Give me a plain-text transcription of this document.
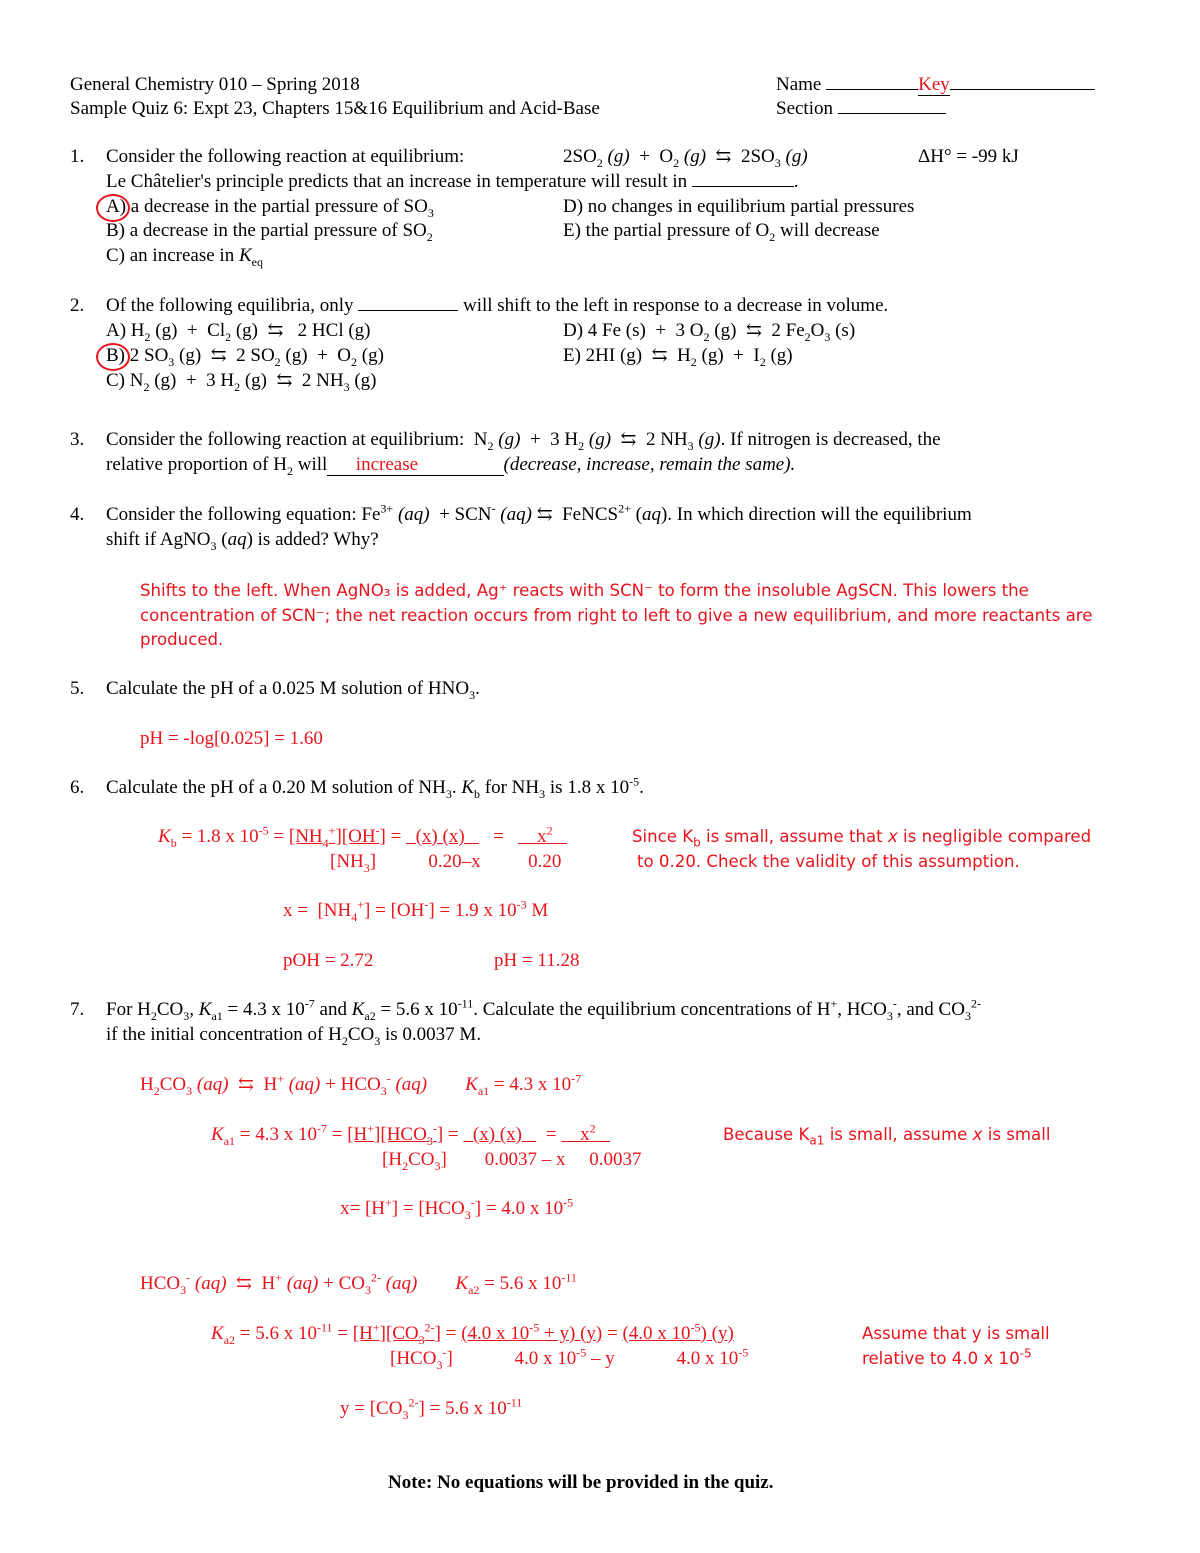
General Chemistry 010 – Spring 2018
Sample Quiz 6: Expt 23, Chapters 15&16 Equilibrium and Acid-Base
Name	Key
Section
1. Consider the following reaction at equilibrium:	$2SO_2$ $(g) + O_2$ (g)  ⇆  $2SO_3$ (g)	ΔH° = -99 kJ
Le Châtelier's principle predicts that an increase in temperature will result in	.
A) a decrease in the partial pressure of $SO_3$
B) a decrease in the partial pressure of $SO_2$
C) an increase in $K_{eq}$
D) no changes in equilibrium partial pressures
E) the partial pressure of $O_2$ will decrease
2. Of the following equilibria, only	will shift to the left in response to a decrease in volume.
A) $H_2$ $(g) + Cl_2$ (g)  ⇆   2 HCl (g)
B) 2 $SO_3$ (g)  ⇆  2 $SO_2$ $(g) + O_2$ (g)
C) $N_2$ (g)  +  3 $H_2$ (g)  ⇆  2 $NH_3$ (g)
D) 4 Fe (s)  +  3 $O_2$ (g)  ⇆  2 $Fe_2O_3$ (s)
E) 2HI (g)  ⇆  $H_2$ $(g) + I_2$ (g)
3. Consider the following reaction at equilibrium:  $N_2$ (g)  +  3 $H_2$ (g)  ⇆  2 $NH_3$ (g). If nitrogen is decreased, the
relative proportion of $H_2$ will increase	(decrease, increase, remain the same).
4. Consider the following equation: $Fe^{3+}$ (aq)  + SCN- (aq) ⇆  FeNCS$^{2+}$ (aq). In which direction will the equilibrium
shift if AgNO$_3$ (aq) is added? Why?
Shifts to the left. When AgNO₃ is added, Ag⁺ reacts with SCN⁻ to form the insoluble AgSCN. This lowers the concentration of SCN⁻; the net reaction occurs from right to left to give a new equilibrium, and more reactants are produced.
5. Calculate the pH of a 0.025 M solution of $HNO_3$.
pH = -log[0.025] = 1.60
6. Calculate the pH of a 0.20 M solution of $NH_3$. $K_b$ for $NH_3$ is 1.8 x $10^{-5}$.
$K_b = 1.8$ x $10^{-5} = [NH_4^+][OH^-] = (x)$ (x)      =       $x^2$
$[NH_3]$           0.20–x          0.20
Since $K_b$ is small, assume that x is negligible compared
to 0.20. Check the validity of this assumption.
$x = [NH_4^+] = [OH^-] = 1.9$ x $10^{-3}$ M
pOH = 2.72	pH = 11.28
7. For $H_2CO_3$, $K_{a1} = 4.3$ x $10^{-7}$ and $K_{a2} = 5.6$ x $10^{-11}$. Calculate the equilibrium concentrations of H+, $HCO_3^-$, and $CO_3^{2-}$
if the initial concentration of $H_2CO_3$ is 0.0037 M.
$H_2CO_3$ (aq)  ⇆  H+ $(aq) + HCO_3^-$ (aq) $K_{a1} = 4.3$ x $10^{-7}$
$K_{a1} = 4.3$ x $10^{-7} = [H^+][HCO_3^-] = (x)$ (x)     =     $x^2$
$[H_2CO_3]$        0.0037 – x     0.0037
Because $K_{a1}$ is small, assume x is small
$x= [H^+] = [HCO_3^-] = 4.0$ x $10^{-5}$
$HCO_3^-$ (aq)  ⇆  H+ $(aq) + CO_3^{2-}$ (aq) $K_{a2} = 5.6$ x $10^{-11}$
$K_{a2} = 5.6$ x $10^{-11} = [H^+][CO_3^{2-}] = (4.0$ x $10^{-5} + y$) (y) = (4.0 x $10^{-5}$) (y)
$[HCO_3^-]$             4.0 x $10^{-5}$ – y             4.0 x $10^{-5}$
Assume that y is small
relative to 4.0 x $10^{-5}$
$y = [CO_3^{2-}] = 5.6$ x $10^{-11}$
Note: No equations will be provided in the quiz.
